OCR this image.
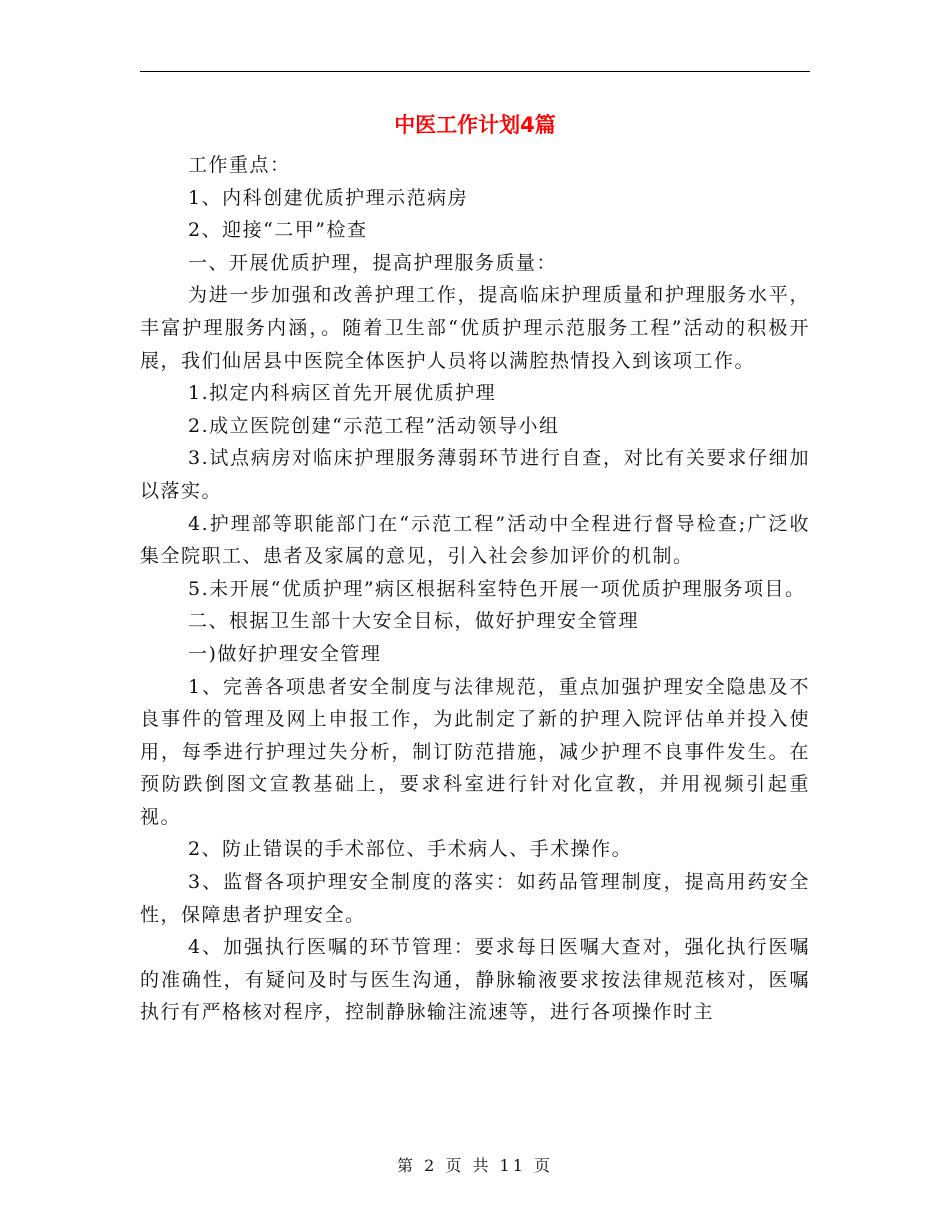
中医工作计划4篇

工作重点：

1、内科创建优质护理示范病房

2、迎接“二甲”检查

一、开展优质护理，提高护理服务质量：

为进一步加强和改善护理工作，提高临床护理质量和护理服务水平，丰富护理服务内涵，。随着卫生部“优质护理示范服务工程”活动的积极开展，我们仙居县中医院全体医护人员将以满腔热情投入到该项工作。

1.拟定内科病区首先开展优质护理

2.成立医院创建“示范工程”活动领导小组

3.试点病房对临床护理服务薄弱环节进行自查，对比有关要求仔细加以落实。

4.护理部等职能部门在“示范工程”活动中全程进行督导检查;广泛收集全院职工、患者及家属的意见，引入社会参加评价的机制。

5.未开展“优质护理”病区根据科室特色开展一项优质护理服务项目。

二、根据卫生部十大安全目标，做好护理安全管理

一)做好护理安全管理

1、完善各项患者安全制度与法律规范，重点加强护理安全隐患及不良事件的管理及网上申报工作，为此制定了新的护理入院评估单并投入使用，每季进行护理过失分析，制订防范措施，减少护理不良事件发生。在预防跌倒图文宣教基础上，要求科室进行针对化宣教，并用视频引起重视。

2、防止错误的手术部位、手术病人、手术操作。

3、监督各项护理安全制度的落实：如药品管理制度，提高用药安全性，保障患者护理安全。

4、加强执行医嘱的环节管理：要求每日医嘱大查对，强化执行医嘱的准确性，有疑问及时与医生沟通，静脉输液要求按法律规范核对，医嘱执行有严格核对程序，控制静脉输注流速等，进行各项操作时主

第 2 页 共 11 页
